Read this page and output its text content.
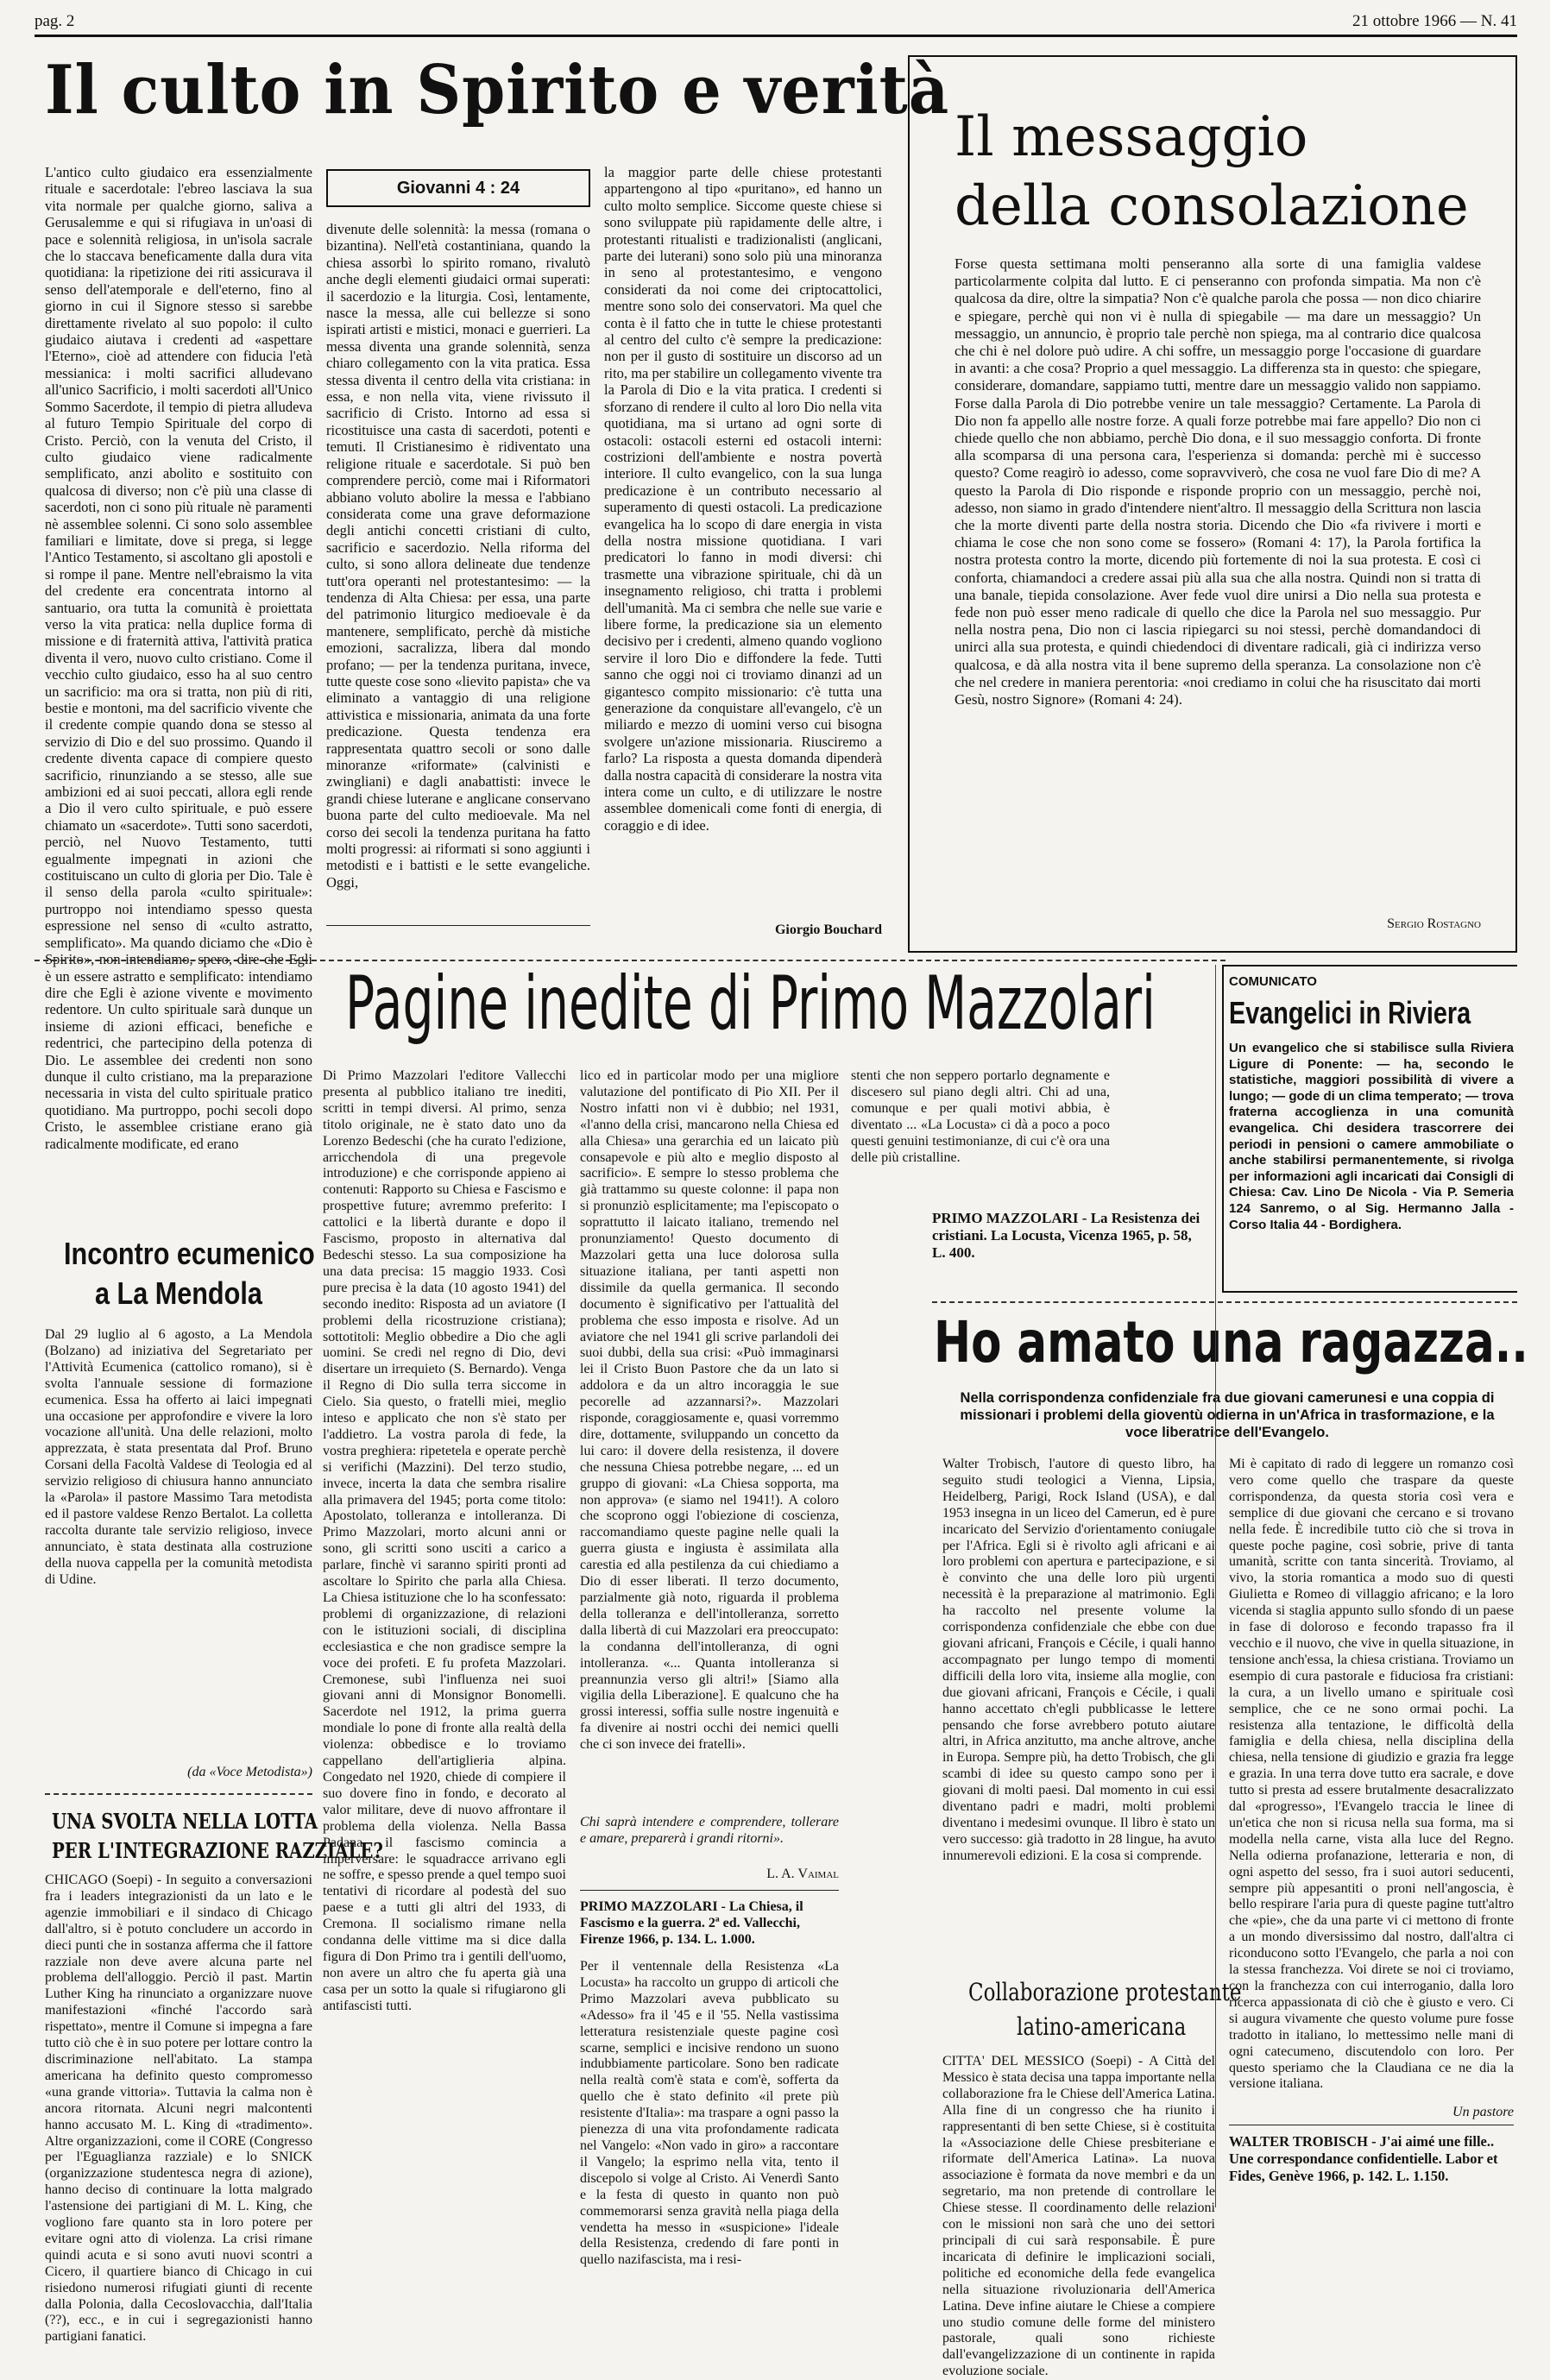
pag. 2	21 ottobre 1966 — N. 41
Il culto in Spirito e verità
Giovanni 4 : 24
L'antico culto giudaico era essenzialmente rituale e sacerdotale: l'ebreo lasciava la sua vita normale per qualche giorno, saliva a Gerusalemme e qui si rifugiava in un'oasi di pace e solennità religiosa, in un'isola sacrale che lo staccava beneficamente dalla dura vita quotidiana: la ripetizione dei riti assicurava il senso dell'atemporale e dell'eterno, fino al giorno in cui il Signore stesso si sarebbe direttamente rivelato al suo popolo: il culto giudaico aiutava i credenti ad «aspettare l'Eterno», cioè ad attendere con fiducia l'età messianica: i molti sacrifici alludevano all'unico Sacrificio, i molti sacerdoti all'Unico Sommo Sacerdote, il tempio di pietra alludeva al futuro Tempio Spirituale del corpo di Cristo. Perciò, con la venuta del Cristo, il culto giudaico viene radicalmente semplificato, anzi abolito e sostituito con qualcosa di diverso; non c'è più una classe di sacerdoti, non ci sono più rituale nè paramenti nè assemblee solenni. Ci sono solo assemblee familiari e limitate, dove si prega, si legge l'Antico Testamento, si ascoltano gli apostoli e si rompe il pane. Mentre nell'ebraismo la vita del credente era concentrata intorno al santuario, ora tutta la comunità è proiettata verso la vita pratica: nella duplice forma di missione e di fraternità attiva, l'attività pratica diventa il vero, nuovo culto cristiano. Come il vecchio culto giudaico, esso ha al suo centro un sacrificio: ma ora si tratta, non più di riti, bestie e montoni, ma del sacrificio vivente che il credente compie quando dona se stesso al servizio di Dio e del suo prossimo. Quando il credente diventa capace di compiere questo sacrificio, rinunziando a se stesso, alle sue ambizioni ed ai suoi peccati, allora egli rende a Dio il vero culto spirituale, e può essere chiamato un «sacerdote». Tutti sono sacerdoti, perciò, nel Nuovo Testamento, tutti egualmente impegnati in azioni che costituiscano un culto di gloria per Dio. Tale è il senso della parola «culto spirituale»: purtroppo noi intendiamo spesso questa espressione nel senso di «culto astratto, semplificato». Ma quando diciamo che «Dio è Spirito», non intendiamo, spero, dire che Egli è un essere astratto e semplificato: intendiamo dire che Egli è azione vivente e movimento redentore. Un culto spirituale sarà dunque un insieme di azioni efficaci, benefiche e redentrici, che partecipino della potenza di Dio. Le assemblee dei credenti non sono dunque il culto cristiano, ma la preparazione necessaria in vista del culto spirituale pratico quotidiano. Ma purtroppo, pochi secoli dopo Cristo, le assemblee cristiane erano già radicalmente modificate, ed erano
divenute delle solennità: la messa (romana o bizantina). Nell'età costantiniana, quando la chiesa assorbì lo spirito romano, rivalutò anche degli elementi giudaici ormai superati: il sacerdozio e la liturgia. Così, lentamente, nasce la messa, alle cui bellezze si sono ispirati artisti e mistici, monaci e guerrieri. La messa diventa una grande solennità, senza chiaro collegamento con la vita pratica. Essa stessa diventa il centro della vita cristiana: in essa, e non nella vita, viene rivissuto il sacrificio di Cristo. Intorno ad essa si ricostituisce una casta di sacerdoti, potenti e temuti. Il Cristianesimo è ridiventato una religione rituale e sacerdotale. Si può ben comprendere perciò, come mai i Riformatori abbiano voluto abolire la messa e l'abbiano considerata come una grave deformazione degli antichi concetti cristiani di culto, sacrificio e sacerdozio. Nella riforma del culto, si sono allora delineate due tendenze tutt'ora operanti nel protestantesimo: — la tendenza di Alta Chiesa: per essa, una parte del patrimonio liturgico medioevale è da mantenere, semplificato, perchè dà mistiche emozioni, sacralizza, libera dal mondo profano; — per la tendenza puritana, invece, tutte queste cose sono «lievito papista» che va eliminato a vantaggio di una religione attivistica e missionaria, animata da una forte predicazione. Questa tendenza era rappresentata quattro secoli or sono dalle minoranze «riformate» (calvinisti e zwingliani) e dagli anabattisti: invece le grandi chiese luterane e anglicane conservano buona parte del culto medioevale. Ma nel corso dei secoli la tendenza puritana ha fatto molti progressi: ai riformati si sono aggiunti i metodisti e i battisti e le sette evangeliche. Oggi,
la maggior parte delle chiese protestanti appartengono al tipo «puritano», ed hanno un culto molto semplice. Siccome queste chiese si sono sviluppate più rapidamente delle altre, i protestanti ritualisti e tradizionalisti (anglicani, parte dei luterani) sono solo più una minoranza in seno al protestantesimo, e vengono considerati da noi come dei criptocattolici, mentre sono solo dei conservatori. Ma quel che conta è il fatto che in tutte le chiese protestanti al centro del culto c'è sempre la predicazione: non per il gusto di sostituire un discorso ad un rito, ma per stabilire un collegamento vivente tra la Parola di Dio e la vita pratica. I credenti si sforzano di rendere il culto al loro Dio nella vita quotidiana, ma si urtano ad ogni sorte di ostacoli: ostacoli esterni ed ostacoli interni: costrizioni dell'ambiente e nostra povertà interiore. Il culto evangelico, con la sua lunga predicazione è un contributo necessario al superamento di questi ostacoli. La predicazione evangelica ha lo scopo di dare energia in vista della nostra missione quotidiana. I vari predicatori lo fanno in modi diversi: chi trasmette una vibrazione spirituale, chi dà un insegnamento religioso, chi tratta i problemi dell'umanità. Ma ci sembra che nelle sue varie e libere forme, la predicazione sia un elemento decisivo per i credenti, almeno quando vogliono servire il loro Dio e diffondere la fede. Tutti sanno che oggi noi ci troviamo dinanzi ad un gigantesco compito missionario: c'è tutta una generazione da conquistare all'evangelo, c'è un miliardo e mezzo di uomini verso cui bisogna svolgere un'azione missionaria. Riusciremo a farlo? La risposta a questa domanda dipenderà dalla nostra capacità di considerare la nostra vita intera come un culto, e di utilizzare le nostre assemblee domenicali come fonti di energia, di coraggio e di idee.
Giorgio Bouchard
Il messaggio
della consolazione
Forse questa settimana molti penseranno alla sorte di una famiglia valdese particolarmente colpita dal lutto. E ci penseranno con profonda simpatia. Ma non c'è qualcosa da dire, oltre la simpatia? Non c'è qualche parola che possa — non dico chiarire e spiegare, perchè qui non vi è nulla di spiegabile — ma dare un messaggio? Un messaggio, un annuncio, è proprio tale perchè non spiega, ma al contrario dice qualcosa che chi è nel dolore può udire. A chi soffre, un messaggio porge l'occasione di guardare in avanti: a che cosa? Proprio a quel messaggio. La differenza sta in questo: che spiegare, considerare, domandare, sappiamo tutti, mentre dare un messaggio valido non sappiamo. Forse dalla Parola di Dio potrebbe venire un tale messaggio? Certamente. La Parola di Dio non fa appello alle nostre forze. A quali forze potrebbe mai fare appello? Dio non ci chiede quello che non abbiamo, perchè Dio dona, e il suo messaggio conforta. Di fronte alla scomparsa di una persona cara, l'esperienza si domanda: perchè mi è successo questo? Come reagirò io adesso, come sopravviverò, che cosa ne vuol fare Dio di me? A questo la Parola di Dio risponde e risponde proprio con un messaggio, perchè noi, adesso, non siamo in grado d'intendere nient'altro. Il messaggio della Scrittura non lascia che la morte diventi parte della nostra storia. Dicendo che Dio «fa rivivere i morti e chiama le cose che non sono come se fossero» (Romani 4: 17), la Parola fortifica la nostra protesta contro la morte, dicendo più fortemente di noi la sua protesta. E così ci conforta, chiamandoci a credere assai più alla sua che alla nostra. Quindi non si tratta di una banale, tiepida consolazione. Aver fede vuol dire unirsi a Dio nella sua protesta e fede non può esser meno radicale di quello che dice la Parola nel suo messaggio. Pur nella nostra pena, Dio non ci lascia ripiegarci su noi stessi, perchè domandandoci di unirci alla sua protesta, e quindi chiedendoci di diventare radicali, già ci indirizza verso qualcosa, e dà alla nostra vita il bene supremo della speranza. La consolazione non c'è che nel credere in maniera perentoria: «noi crediamo in colui che ha risuscitato dai morti Gesù, nostro Signore» (Romani 4: 24).
Sergio Rostagno
Pagine inedite di Primo Mazzolari
Di Primo Mazzolari l'editore Vallecchi presenta al pubblico italiano tre inediti, scritti in tempi diversi. Al primo, senza titolo originale, ne è stato dato uno da Lorenzo Bedeschi (che ha curato l'edizione, arricchendola di una pregevole introduzione) e che corrisponde appieno ai contenuti: Rapporto su Chiesa e Fascismo e prospettive future; avremmo preferito: I cattolici e la libertà durante e dopo il Fascismo, proposto in alternativa dal Bedeschi stesso. La sua composizione ha una data precisa: 15 maggio 1933. Così pure precisa è la data (10 agosto 1941) del secondo inedito: Risposta ad un aviatore (I problemi della ricostruzione cristiana); sottotitoli: Meglio obbedire a Dio che agli uomini. Se credi nel regno di Dio, devi disertare un irrequieto (S. Bernardo). Venga il Regno di Dio sulla terra siccome in Cielo. Sia questo, o fratelli miei, meglio inteso e applicato che non s'è stato per l'addietro. La vostra parola di fede, la vostra preghiera: ripetetela e operate perchè si verifichi (Mazzini). Del terzo studio, invece, incerta la data che sembra risalire alla primavera del 1945; porta come titolo: Apostolato, tolleranza e intolleranza. Di Primo Mazzolari, morto alcuni anni or sono, gli scritti sono usciti a carico a parlare, finchè vi saranno spiriti pronti ad ascoltare lo Spirito che parla alla Chiesa. La Chiesa istituzione che lo ha sconfessato: problemi di organizzazione, di relazioni con le istituzioni sociali, di disciplina ecclesiastica e che non gradisce sempre la voce dei profeti. E fu profeta Mazzolari. Cremonese, subì l'influenza nei suoi giovani anni di Monsignor Bonomelli. Sacerdote nel 1912, la prima guerra mondiale lo pone di fronte alla realtà della violenza: obbedisce e lo troviamo cappellano dell'artiglieria alpina. Congedato nel 1920, chiede di compiere il suo dovere fino in fondo, e decorato al valor militare, deve di nuovo affrontare il problema della violenza. Nella Bassa Padana il fascismo comincia a imperversare: le squadracce arrivano egli ne soffre, e spesso prende a quel tempo suoi tentativi di ricordare al podestà del suo paese e a tutti gli altri del 1933, di Cremona. Il socialismo rimane nella condanna delle vittime ma si dice dalla figura di Don Primo tra i gentili dell'uomo, non avere un altro che fu aperta già una casa per un sotto la quale si rifugiarono gli antifascisti tutti.
lico ed in particolar modo per una migliore valutazione del pontificato di Pio XII. Per il Nostro infatti non vi è dubbio; nel 1931, «l'anno della crisi, mancarono nella Chiesa ed alla Chiesa» una gerarchia ed un laicato più consapevole e più alto e meglio disposto al sacrificio». E sempre lo stesso problema che già trattammo su queste colonne: il papa non si pronunziò esplicitamente; ma l'episcopato o soprattutto il laicato italiano, tremendo nel pronunziamento! Questo documento di Mazzolari getta una luce dolorosa sulla situazione italiana, per tanti aspetti non dissimile da quella germanica. Il secondo documento è significativo per l'attualità del problema che esso imposta e risolve. Ad un aviatore che nel 1941 gli scrive parlandoli dei suoi dubbi, della sua crisi: «Può immaginarsi lei il Cristo Buon Pastore che da un lato si addolora e da un altro incoraggia le sue pecorelle ad azzannarsi?». Mazzolari risponde, coraggiosamente e, quasi vorremmo dire, dottamente, sviluppando un concetto da lui caro: il dovere della resistenza, il dovere che nessuna Chiesa potrebbe negare, ... ed un gruppo di giovani: «La Chiesa sopporta, ma non approva» (e siamo nel 1941!). A coloro che scoprono oggi l'obiezione di coscienza, raccomandiamo queste pagine nelle quali la guerra giusta e ingiusta è assimilata alla carestia ed alla pestilenza da cui chiediamo a Dio di esser liberati. Il terzo documento, parzialmente già noto, riguarda il problema della tolleranza e dell'intolleranza, sorretto dalla libertà di cui Mazzolari era preoccupato: la condanna dell'intolleranza, di ogni intolleranza. «... Quanta intolleranza si preannunzia verso gli altri!» [Siamo alla vigilia della Liberazione]. E qualcuno che ha grossi interessi, soffia sulle nostre ingenuità e fa divenire ai nostri occhi dei nemici quelli che ci son invece dei fratelli».
Chi saprà intendere e comprendere, tollerare e amare, preparerà i grandi ritorni».
L. A. Vaimal
PRIMO MAZZOLARI - La Chiesa, il Fascismo e la guerra. 2ª ed. Vallecchi, Firenze 1966, p. 134. L. 1.000.
Per il ventennale della Resistenza «La Locusta» ha raccolto un gruppo di articoli che Primo Mazzolari aveva pubblicato su «Adesso» fra il '45 e il '55. Nella vastissima letteratura resistenziale queste pagine così scarne, semplici e incisive rendono un suono indubbiamente particolare. Sono ben radicate nella realtà com'è stata e com'è, sofferta da quello che è stato definito «il prete più resistente d'Italia»: ma traspare a ogni passo la pienezza di una vita profondamente radicata nel Vangelo: «Non vado in giro» a raccontare il Vangelo; la esprimo nella vita, tento il discepolo si volge al Cristo. Ai Venerdì Santo e la festa di questo in quanto non può commemorarsi senza gravità nella piaga della vendetta ha messo in «suspicione» l'ideale della Resistenza, credendo di fare ponti in quello nazifascista, ma i resi-
stenti che non seppero portarlo degnamente e discesero sul piano degli altri. Chi ad una, comunque e per quali motivi abbia, è diventato ... «La Locusta» ci dà a poco a poco questi genuini testimonianze, di cui c'è ora una delle più cristalline.
PRIMO MAZZOLARI - La Resistenza dei cristiani. La Locusta, Vicenza 1965, p. 58, L. 400.
Incontro ecumenico
a La Mendola
Dal 29 luglio al 6 agosto, a La Mendola (Bolzano) ad iniziativa del Segretariato per l'Attività Ecumenica (cattolico romano), si è svolta l'annuale sessione di formazione ecumenica. Essa ha offerto ai laici impegnati una occasione per approfondire e vivere la loro vocazione all'unità. Una delle relazioni, molto apprezzata, è stata presentata dal Prof. Bruno Corsani della Facoltà Valdese di Teologia ed al servizio religioso di chiusura hanno annunciato la «Parola» il pastore Massimo Tara metodista ed il pastore valdese Renzo Bertalot. La colletta raccolta durante tale servizio religioso, invece annunciato, è stata destinata alla costruzione della nuova cappella per la comunità metodista di Udine.
(da «Voce Metodista»)
UNA SVOLTA NELLA LOTTA
PER L'INTEGRAZIONE RAZZIALE?
CHICAGO (Soepi) - In seguito a conversazioni fra i leaders integrazionisti da un lato e le agenzie immobiliari e il sindaco di Chicago dall'altro, si è potuto concludere un accordo in dieci punti che in sostanza afferma che il fattore razziale non deve avere alcuna parte nel problema dell'alloggio. Perciò il past. Martin Luther King ha rinunciato a organizzare nuove manifestazioni «finché l'accordo sarà rispettato», mentre il Comune si impegna a fare tutto ciò che è in suo potere per lottare contro la discriminazione nell'abitato. La stampa americana ha definito questo compromesso «una grande vittoria». Tuttavia la calma non è ancora ritornata. Alcuni negri malcontenti hanno accusato M. L. King di «tradimento». Altre organizzazioni, come il CORE (Congresso per l'Eguaglianza razziale) e lo SNICK (organizzazione studentesca negra di azione), hanno deciso di continuare la lotta malgrado l'astensione dei partigiani di M. L. King, che vogliono fare quanto sta in loro potere per evitare ogni atto di violenza. La crisi rimane quindi acuta e si sono avuti nuovi scontri a Cicero, il quartiere bianco di Chicago in cui risiedono numerosi rifugiati giunti di recente dalla Polonia, dalla Cecoslovacchia, dall'Italia (??), ecc., e in cui i segregazionisti hanno partigiani fanatici.
COMUNICATO
Evangelici in Riviera
Un evangelico che si stabilisce sulla Riviera Ligure di Ponente: — ha, secondo le statistiche, maggiori possibilità di vivere a lungo; — gode di un clima temperato; — trova fraterna accoglienza in una comunità evangelica. Chi desidera trascorrere dei periodi in pensioni o camere ammobiliate o anche stabilirsi permanentemente, si rivolga per informazioni agli incaricati dai Consigli di Chiesa: Cav. Lino De Nicola - Via P. Semeria 124 Sanremo, o al Sig. Hermanno Jalla - Corso Italia 44 - Bordighera.
Ho amato una ragazza..
Nella corrispondenza confidenziale fra due giovani camerunesi e una coppia di missionari i problemi della gioventù odierna in un'Africa in trasformazione, e la voce liberatrice dell'Evangelo.
Walter Trobisch, l'autore di questo libro, ha seguito studi teologici a Vienna, Lipsia, Heidelberg, Parigi, Rock Island (USA), e dal 1953 insegna in un liceo del Camerun, ed è pure incaricato del Servizio d'orientamento coniugale per l'Africa. Egli si è rivolto agli africani e ai loro problemi con apertura e partecipazione, e si è convinto che una delle loro più urgenti necessità è la preparazione al matrimonio. Egli ha raccolto nel presente volume la corrispondenza confidenziale che ebbe con due giovani africani, François e Cécile, i quali hanno accompagnato per lungo tempo di momenti difficili della loro vita, insieme alla moglie, con due giovani africani, François e Cécile, i quali hanno accettato ch'egli pubblicasse le lettere pensando che forse avrebbero potuto aiutare altri, in Africa anzitutto, ma anche altrove, anche in Europa. Sempre più, ha detto Trobisch, che gli scambi di idee su questo campo sono per i giovani di molti paesi. Dal momento in cui essi diventano padri e madri, molti problemi diventano i medesimi ovunque. Il libro è stato un vero successo: già tradotto in 28 lingue, ha avuto innumerevoli edizioni. E la cosa si comprende.
Mi è capitato di rado di leggere un romanzo così vero come quello che traspare da queste corrispondenza, da questa storia così vera e semplice di due giovani che cercano e si trovano nella fede. È incredibile tutto ciò che si trova in queste poche pagine, così sobrie, prive di tanta umanità, scritte con tanta sincerità. Troviamo, al vivo, la storia romantica a modo suo di questi Giulietta e Romeo di villaggio africano; e la loro vicenda si staglia appunto sullo sfondo di un paese in fase di doloroso e fecondo trapasso fra il vecchio e il nuovo, che vive in quella situazione, in tensione anch'essa, la chiesa cristiana. Troviamo un esempio di cura pastorale e fiduciosa fra cristiani: la cura, a un livello umano e spirituale così semplice, che ce ne sono ormai pochi. La resistenza alla tentazione, le difficoltà della famiglia e della chiesa, nella disciplina della chiesa, nella tensione di giudizio e grazia fra legge e grazia. In una terra dove tutto era sacrale, e dove tutto si presta ad essere brutalmente desacralizzato dal «progresso», l'Evangelo traccia le linee di un'etica che non si ricusa nella sua forma, ma si modella nella carne, vista alla luce del Regno. Nella odierna profanazione, letteraria e non, di ogni aspetto del sesso, fra i suoi autori seducenti, sempre più appesantiti o proni nell'angoscia, è bello respirare l'aria pura di queste pagine tutt'altro che «pie», che da una parte vi ci mettono di fronte a un mondo diversissimo dal nostro, dall'altra ci riconducono sotto l'Evangelo, che parla a noi con la stessa franchezza. Voi direte se noi ci troviamo, con la franchezza con cui interroganio, dalla loro ricerca appassionata di ciò che è giusto e vero. Ci si augura vivamente che questo volume pure fosse tradotto in italiano, lo mettessimo nelle mani di ogni catecumeno, discutendolo con loro. Per questo speriamo che la Claudiana ce ne dia la versione italiana.
Un pastore
WALTER TROBISCH - J'ai aimé une fille.. Une correspondance confidentielle. Labor et Fides, Genève 1966, p. 142. L. 1.150.
Collaborazione protestante
latino-americana
CITTA' DEL MESSICO (Soepi) - A Città del Messico è stata decisa una tappa importante nella collaborazione fra le Chiese dell'America Latina. Alla fine di un congresso che ha riunito i rappresentanti di ben sette Chiese, si è costituita la «Associazione delle Chiese presbiteriane e riformate dell'America Latina». La nuova associazione è formata da nove membri e da un segretario, ma non pretende di controllare le Chiese stesse. Il coordinamento delle relazioni con le missioni non sarà che uno dei settori principali di cui sarà responsabile. È pure incaricata di definire le implicazioni sociali, politiche ed economiche della fede evangelica nella situazione rivoluzionaria dell'America Latina. Deve infine aiutare le Chiese a compiere uno studio comune delle forme del ministero pastorale, quali sono richieste dall'evangelizzazione di un continente in rapida evoluzione sociale.
